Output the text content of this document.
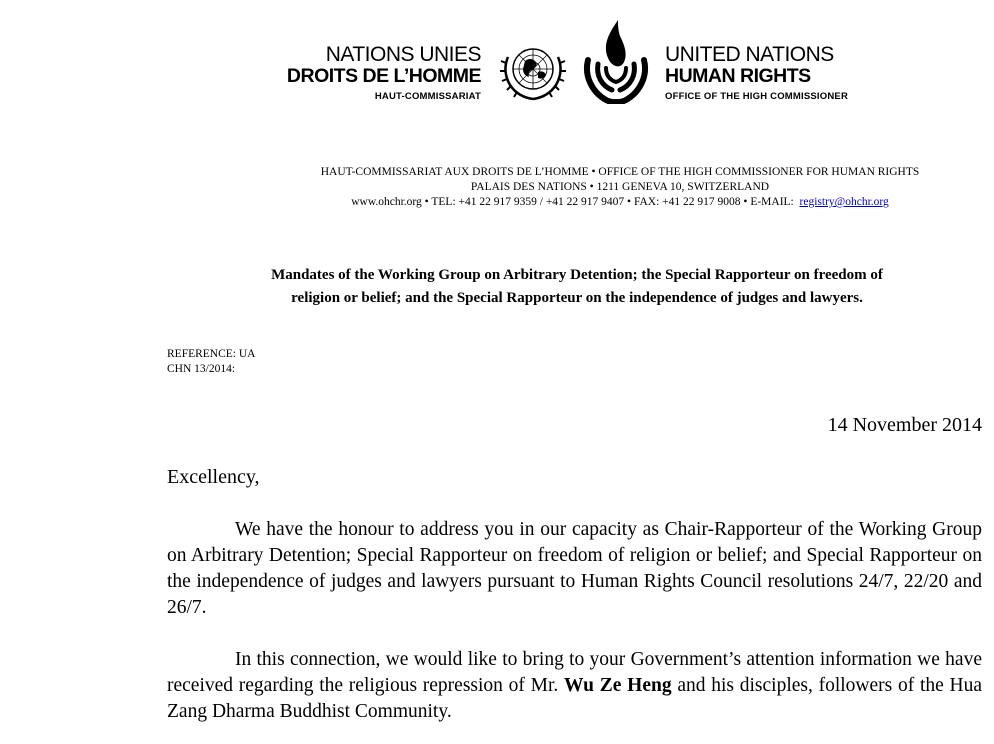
NATIONS UNIES
DROITS DE L’HOMME
HAUT-COMMISSARIAT
UNITED NATIONS
HUMAN RIGHTS
OFFICE OF THE HIGH COMMISSIONER
HAUT-COMMISSARIAT AUX DROITS DE L’HOMME • OFFICE OF THE HIGH COMMISSIONER FOR HUMAN RIGHTS
PALAIS DES NATIONS • 1211 GENEVA 10, SWITZERLAND
www.ohchr.org • TEL: +41 22 917 9359 / +41 22 917 9407 • FAX: +41 22 917 9008 • E-MAIL: registry@ohchr.org
Mandates of the Working Group on Arbitrary Detention; the Special Rapporteur on freedom of
religion or belief; and the Special Rapporteur on the independence of judges and lawyers.
REFERENCE: UA
CHN 13/2014:
14 November 2014
Excellency,
We have the honour to address you in our capacity as Chair-Rapporteur of the Working Group on Arbitrary Detention; Special Rapporteur on freedom of religion or belief; and Special Rapporteur on the independence of judges and lawyers pursuant to Human Rights Council resolutions 24/7, 22/20 and 26/7.
In this connection, we would like to bring to your Government’s attention information we have received regarding the religious repression of Mr. Wu Ze Heng and his disciples, followers of the Hua Zang Dharma Buddhist Community.
